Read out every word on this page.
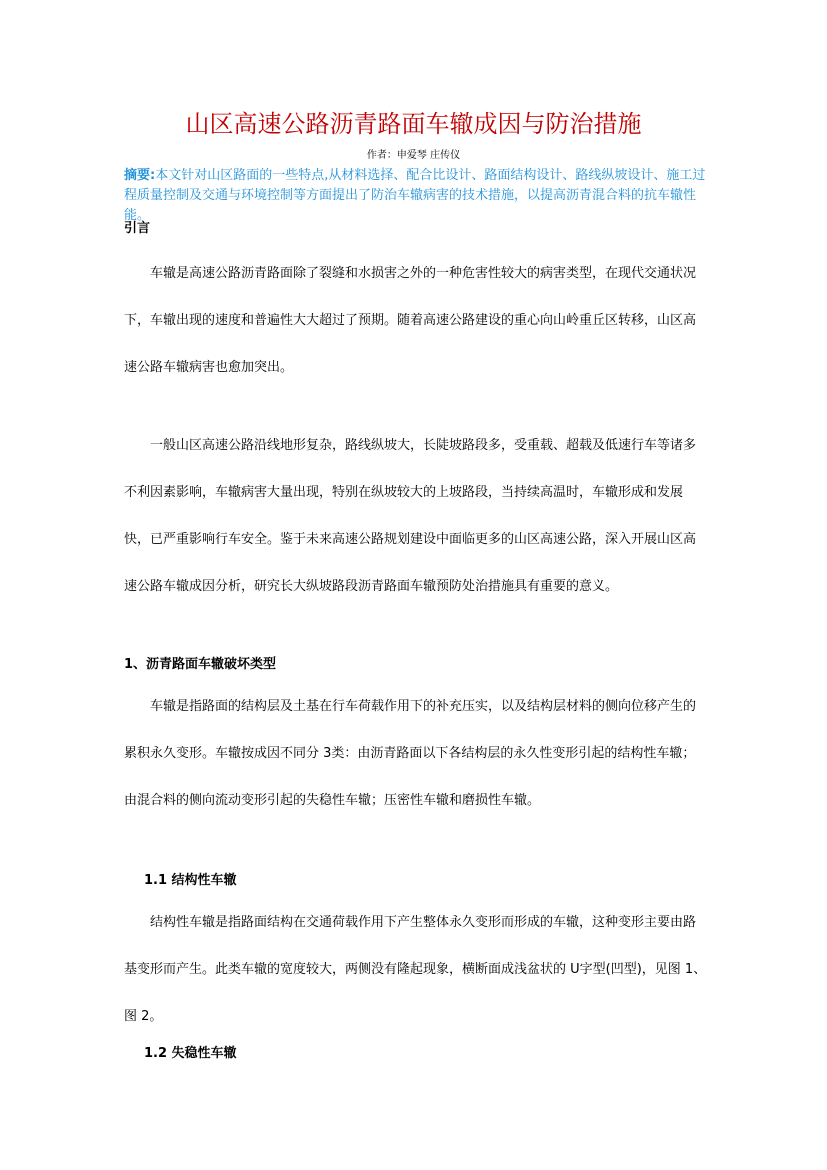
山区高速公路沥青路面车辙成因与防治措施
作者：申爱琴 庄传仪
摘要:本文针对山区路面的一些特点,从材料选择、配合比设计、路面结构设计、路线纵坡设计、施工过程质量控制及交通与环境控制等方面提出了防治车辙病害的技术措施，以提高沥青混合料的抗车辙性能。
引言
车辙是高速公路沥青路面除了裂缝和水损害之外的一种危害性较大的病害类型，在现代交通状况下，车辙出现的速度和普遍性大大超过了预期。随着高速公路建设的重心向山岭重丘区转移，山区高速公路车辙病害也愈加突出。
一般山区高速公路沿线地形复杂，路线纵坡大，长陡坡路段多，受重载、超载及低速行车等诸多不利因素影响，车辙病害大量出现，特别在纵坡较大的上坡路段，当持续高温时，车辙形成和发展快，已严重影响行车安全。鉴于未来高速公路规划建设中面临更多的山区高速公路，深入开展山区高速公路车辙成因分析，研究长大纵坡路段沥青路面车辙预防处治措施具有重要的意义。
1、沥青路面车辙破坏类型
车辙是指路面的结构层及土基在行车荷载作用下的补充压实，以及结构层材料的侧向位移产生的累积永久变形。车辙按成因不同分 3类：由沥青路面以下各结构层的永久性变形引起的结构性车辙；由混合料的侧向流动变形引起的失稳性车辙；压密性车辙和磨损性车辙。
1.1 结构性车辙
结构性车辙是指路面结构在交通荷载作用下产生整体永久变形而形成的车辙，这种变形主要由路基变形而产生。此类车辙的宽度较大，两侧没有隆起现象，横断面成浅盆状的 U字型(凹型)，见图 1、图 2。
1.2 失稳性车辙
